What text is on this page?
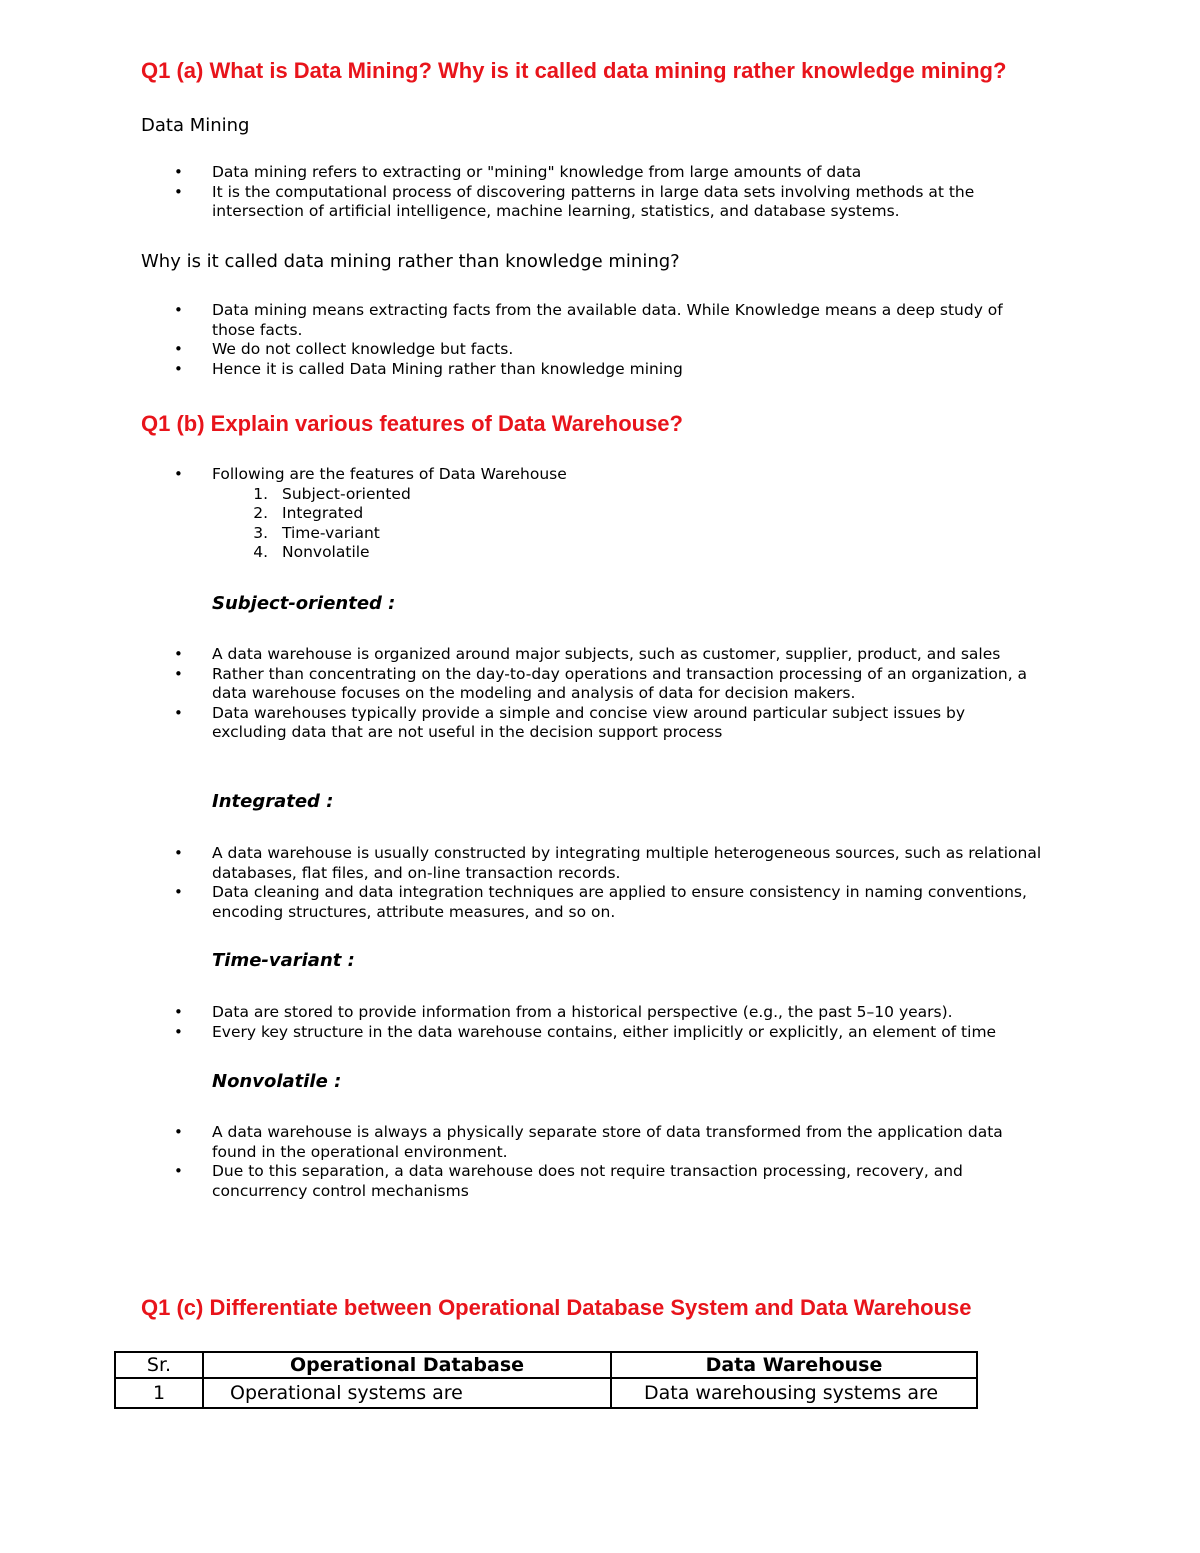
Q1 (a) What is Data Mining? Why is it called data mining rather knowledge mining?

Data Mining

• Data mining refers to extracting or "mining" knowledge from large amounts of data
• It is the computational process of discovering patterns in large data sets involving methods at the intersection of artificial intelligence, machine learning, statistics, and database systems.

Why is it called data mining rather than knowledge mining?

• Data mining means extracting facts from the available data. While Knowledge means a deep study of those facts.
• We do not collect knowledge but facts.
• Hence it is called Data Mining rather than knowledge mining
Q1 (b) Explain various features of Data Warehouse?
• Following are the features of Data Warehouse
1. Subject-oriented
2. Integrated
3. Time-variant
4. Nonvolatile

Subject-oriented :

• A data warehouse is organized around major subjects, such as customer, supplier, product, and sales
• Rather than concentrating on the day-to-day operations and transaction processing of an organization, a data warehouse focuses on the modeling and analysis of data for decision makers.
• Data warehouses typically provide a simple and concise view around particular subject issues by excluding data that are not useful in the decision support process

Integrated :

• A data warehouse is usually constructed by integrating multiple heterogeneous sources, such as relational databases, flat files, and on-line transaction records.
• Data cleaning and data integration techniques are applied to ensure consistency in naming conventions, encoding structures, attribute measures, and so on.

Time-variant :

• Data are stored to provide information from a historical perspective (e.g., the past 5–10 years).
• Every key structure in the data warehouse contains, either implicitly or explicitly, an element of time

Nonvolatile :

• A data warehouse is always a physically separate store of data transformed from the application data found in the operational environment.
• Due to this separation, a data warehouse does not require transaction processing, recovery, and concurrency control mechanisms
Q1 (c) Differentiate between Operational Database System and Data Warehouse
Sr.	Operational Database	Data Warehouse
1	Operational systems are	Data warehousing systems are
